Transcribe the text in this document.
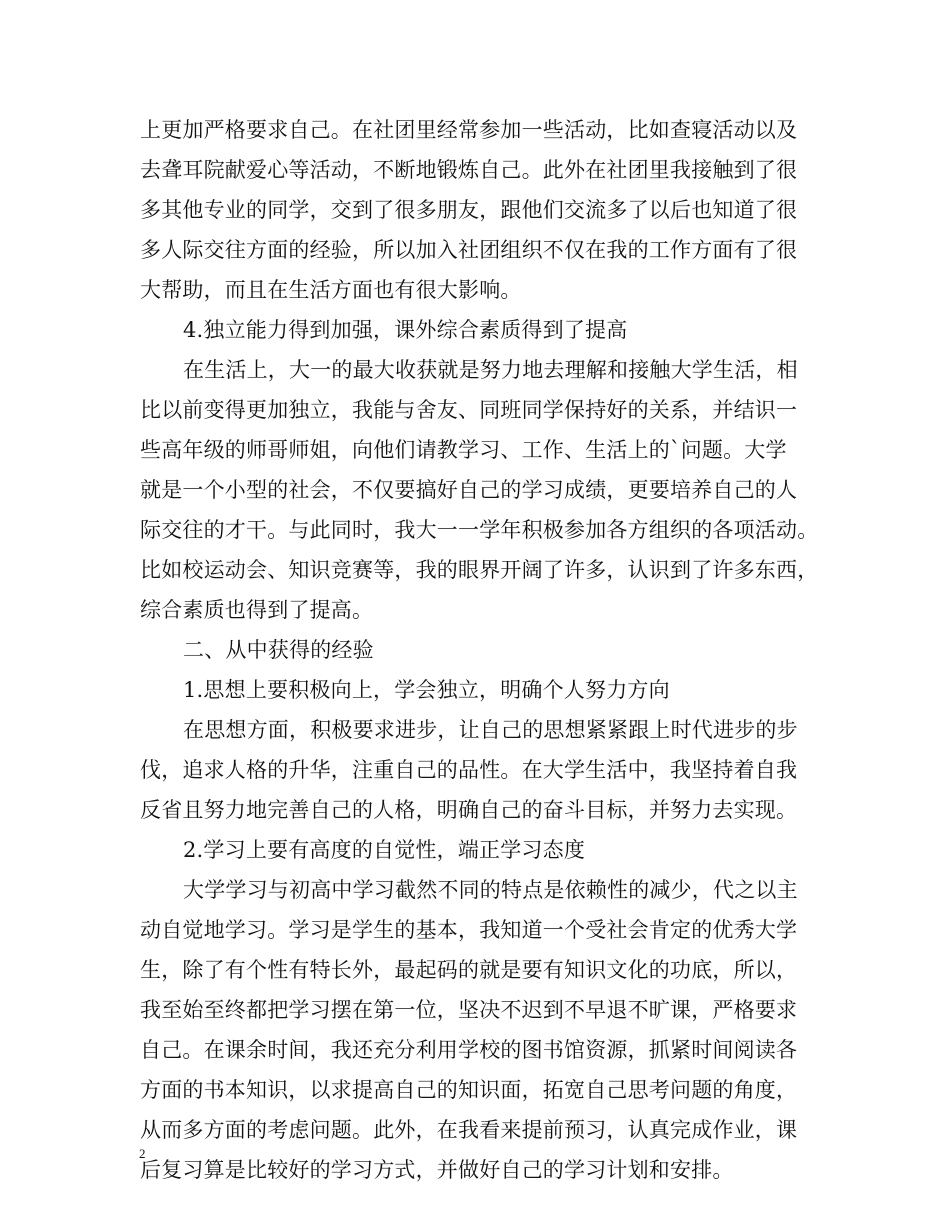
上更加严格要求自己。在社团里经常参加一些活动，比如查寝活动以及
去聋耳院献爱心等活动，不断地锻炼自己。此外在社团里我接触到了很
多其他专业的同学，交到了很多朋友，跟他们交流多了以后也知道了很
多人际交往方面的经验，所以加入社团组织不仅在我的工作方面有了很
大帮助，而且在生活方面也有很大影响。
4.独立能力得到加强，课外综合素质得到了提高
在生活上，大一的最大收获就是努力地去理解和接触大学生活，相
比以前变得更加独立，我能与舍友、同班同学保持好的关系，并结识一
些高年级的师哥师姐，向他们请教学习、工作、生活上的`问题。大学
就是一个小型的社会，不仅要搞好自己的学习成绩，更要培养自己的人
际交往的才干。与此同时，我大一一学年积极参加各方组织的各项活动。
比如校运动会、知识竞赛等，我的眼界开阔了许多，认识到了许多东西，
综合素质也得到了提高。
二、从中获得的经验
1.思想上要积极向上，学会独立，明确个人努力方向
在思想方面，积极要求进步，让自己的思想紧紧跟上时代进步的步
伐，追求人格的升华，注重自己的品性。在大学生活中，我坚持着自我
反省且努力地完善自己的人格，明确自己的奋斗目标，并努力去实现。
2.学习上要有高度的自觉性，端正学习态度
大学学习与初高中学习截然不同的特点是依赖性的减少，代之以主
动自觉地学习。学习是学生的基本，我知道一个受社会肯定的优秀大学
生，除了有个性有特长外，最起码的就是要有知识文化的功底，所以，
我至始至终都把学习摆在第一位，坚决不迟到不早退不旷课，严格要求
自己。在课余时间，我还充分利用学校的图书馆资源，抓紧时间阅读各
方面的书本知识，以求提高自己的知识面，拓宽自己思考问题的角度，
从而多方面的考虑问题。此外，在我看来提前预习，认真完成作业，课
后复习算是比较好的学习方式，并做好自己的学习计划和安排。
2
